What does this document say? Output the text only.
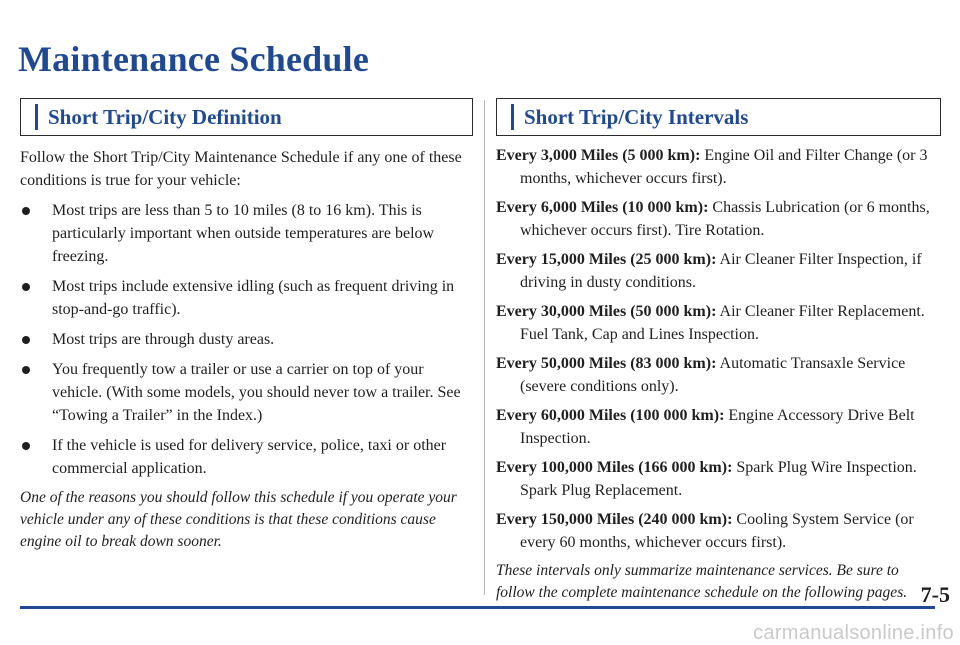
Maintenance Schedule
Short Trip/City Definition

Follow the Short Trip/City Maintenance Schedule if any one of these conditions is true for your vehicle:

Most trips are less than 5 to 10 miles (8 to 16 km). This is particularly important when outside temperatures are below freezing.
Most trips include extensive idling (such as frequent driving in stop-and-go traffic).
Most trips are through dusty areas.
You frequently tow a trailer or use a carrier on top of your vehicle. (With some models, you should never tow a trailer. See “Towing a Trailer” in the Index.)
If the vehicle is used for delivery service, police, taxi or other commercial application.

One of the reasons you should follow this schedule if you operate your vehicle under any of these conditions is that these conditions cause engine oil to break down sooner.

Short Trip/City Intervals

Every 3,000 Miles (5 000 km): Engine Oil and Filter Change (or 3 months, whichever occurs first).

Every 6,000 Miles (10 000 km): Chassis Lubrication (or 6 months, whichever occurs first). Tire Rotation.

Every 15,000 Miles (25 000 km): Air Cleaner Filter Inspection, if driving in dusty conditions.

Every 30,000 Miles (50 000 km): Air Cleaner Filter Replacement. Fuel Tank, Cap and Lines Inspection.

Every 50,000 Miles (83 000 km): Automatic Transaxle Service (severe conditions only).

Every 60,000 Miles (100 000 km): Engine Accessory Drive Belt Inspection.

Every 100,000 Miles (166 000 km): Spark Plug Wire Inspection. Spark Plug Replacement.

Every 150,000 Miles (240 000 km): Cooling System Service (or every 60 months, whichever occurs first).

These intervals only summarize maintenance services. Be sure to follow the complete maintenance schedule on the following pages. 7-5
carmanualsonline.info
